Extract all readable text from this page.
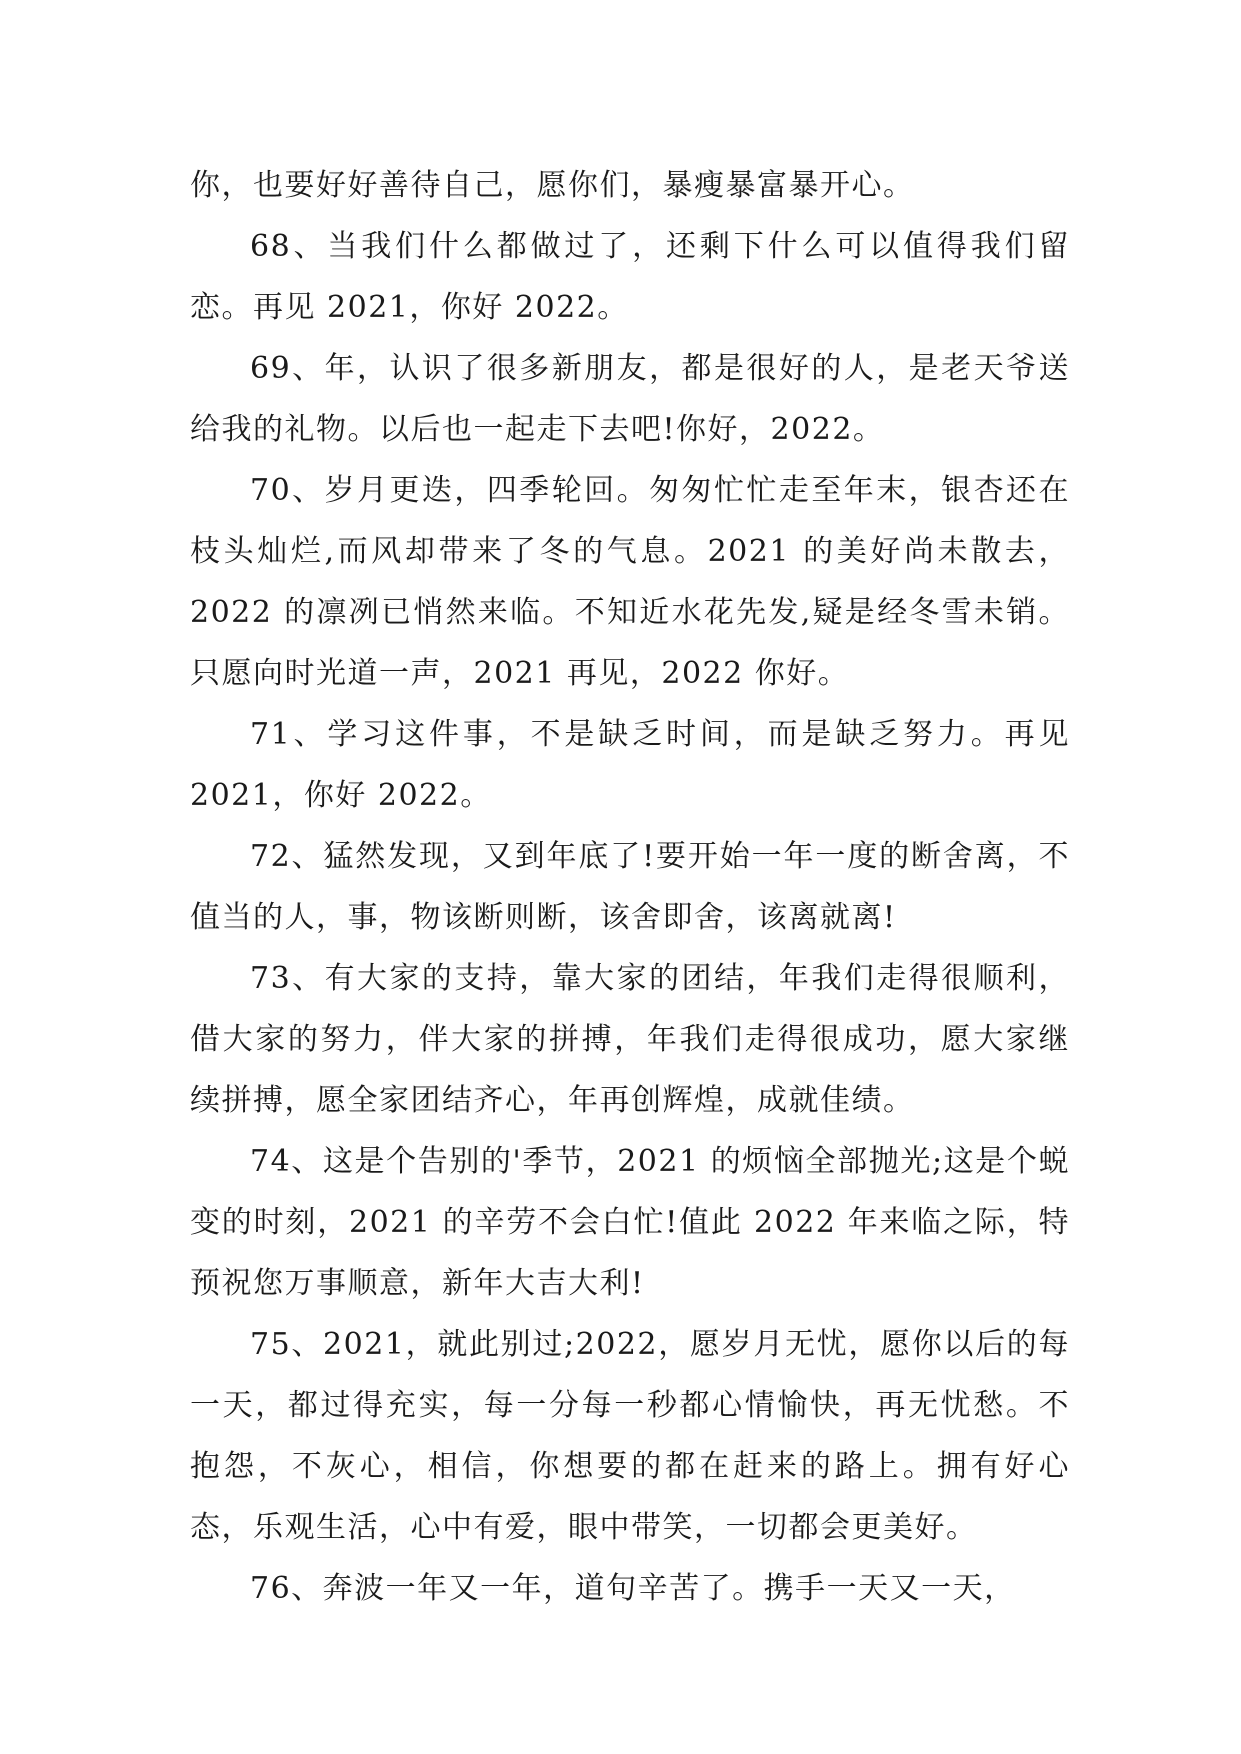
你，也要好好善待自己，愿你们，暴瘦暴富暴开心。

68、当我们什么都做过了，还剩下什么可以值得我们留恋。再见 2021，你好 2022。

69、年，认识了很多新朋友，都是很好的人，是老天爷送给我的礼物。以后也一起走下去吧!你好，2022。

70、岁月更迭，四季轮回。匆匆忙忙走至年末，银杏还在枝头灿烂,而风却带来了冬的气息。2021 的美好尚未散去，2022 的凛冽已悄然来临。不知近水花先发,疑是经冬雪未销。只愿向时光道一声，2021 再见，2022 你好。

71、学习这件事，不是缺乏时间，而是缺乏努力。再见 2021，你好 2022。

72、猛然发现，又到年底了!要开始一年一度的断舍离，不值当的人，事，物该断则断，该舍即舍，该离就离!

73、有大家的支持，靠大家的团结，年我们走得很顺利，借大家的努力，伴大家的拼搏，年我们走得很成功，愿大家继续拼搏，愿全家团结齐心，年再创辉煌，成就佳绩。

74、这是个告别的'季节，2021 的烦恼全部抛光;这是个蜕变的时刻，2021 的辛劳不会白忙!值此 2022 年来临之际，特预祝您万事顺意，新年大吉大利!

75、2021，就此别过;2022，愿岁月无忧，愿你以后的每一天，都过得充实，每一分每一秒都心情愉快，再无忧愁。不抱怨，不灰心，相信，你想要的都在赶来的路上。拥有好心态，乐观生活，心中有爱，眼中带笑，一切都会更美好。

76、奔波一年又一年，道句辛苦了。携手一天又一天，
